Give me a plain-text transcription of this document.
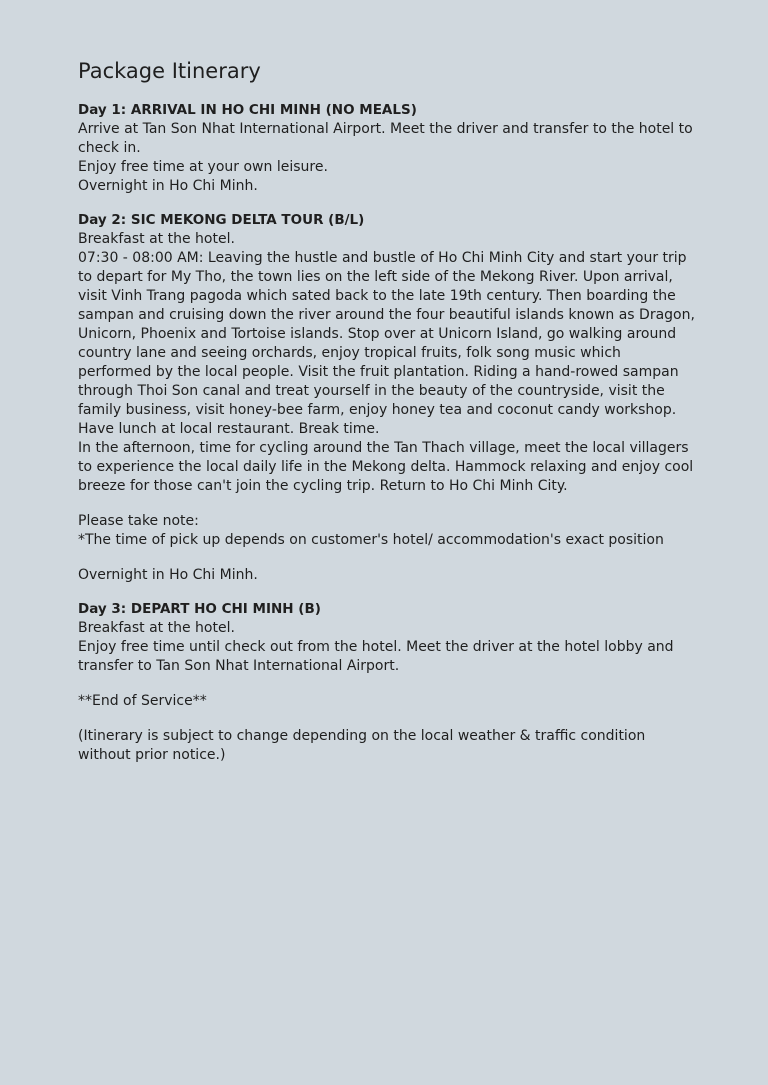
Package Itinerary
Day 1: ARRIVAL IN HO CHI MINH (NO MEALS)

Arrive at Tan Son Nhat International Airport. Meet the driver and transfer to the hotel to check in.

Enjoy free time at your own leisure.

Overnight in Ho Chi Minh.

Day 2: SIC MEKONG DELTA TOUR (B/L)

Breakfast at the hotel.

07:30 - 08:00 AM: Leaving the hustle and bustle of Ho Chi Minh City and start your trip to depart for My Tho, the town lies on the left side of the Mekong River. Upon arrival, visit Vinh Trang pagoda which sated back to the late 19th century. Then boarding the sampan and cruising down the river around the four beautiful islands known as Dragon, Unicorn, Phoenix and Tortoise islands. Stop over at Unicorn Island, go walking around country lane and seeing orchards, enjoy tropical fruits, folk song music which performed by the local people. Visit the fruit plantation. Riding a hand-rowed sampan through Thoi Son canal and treat yourself in the beauty of the countryside, visit the family business, visit honey-bee farm, enjoy honey tea and coconut candy workshop. Have lunch at local restaurant. Break time.

In the afternoon, time for cycling around the Tan Thach village, meet the local villagers to experience the local daily life in the Mekong delta. Hammock relaxing and enjoy cool breeze for those can't join the cycling trip. Return to Ho Chi Minh City.

Please take note:

*The time of pick up depends on customer's hotel/ accommodation's exact position

Overnight in Ho Chi Minh.

Day 3: DEPART HO CHI MINH (B)

Breakfast at the hotel.

Enjoy free time until check out from the hotel. Meet the driver at the hotel lobby and transfer to Tan Son Nhat International Airport.

**End of Service**

(Itinerary is subject to change depending on the local weather & traffic condition without prior notice.)
